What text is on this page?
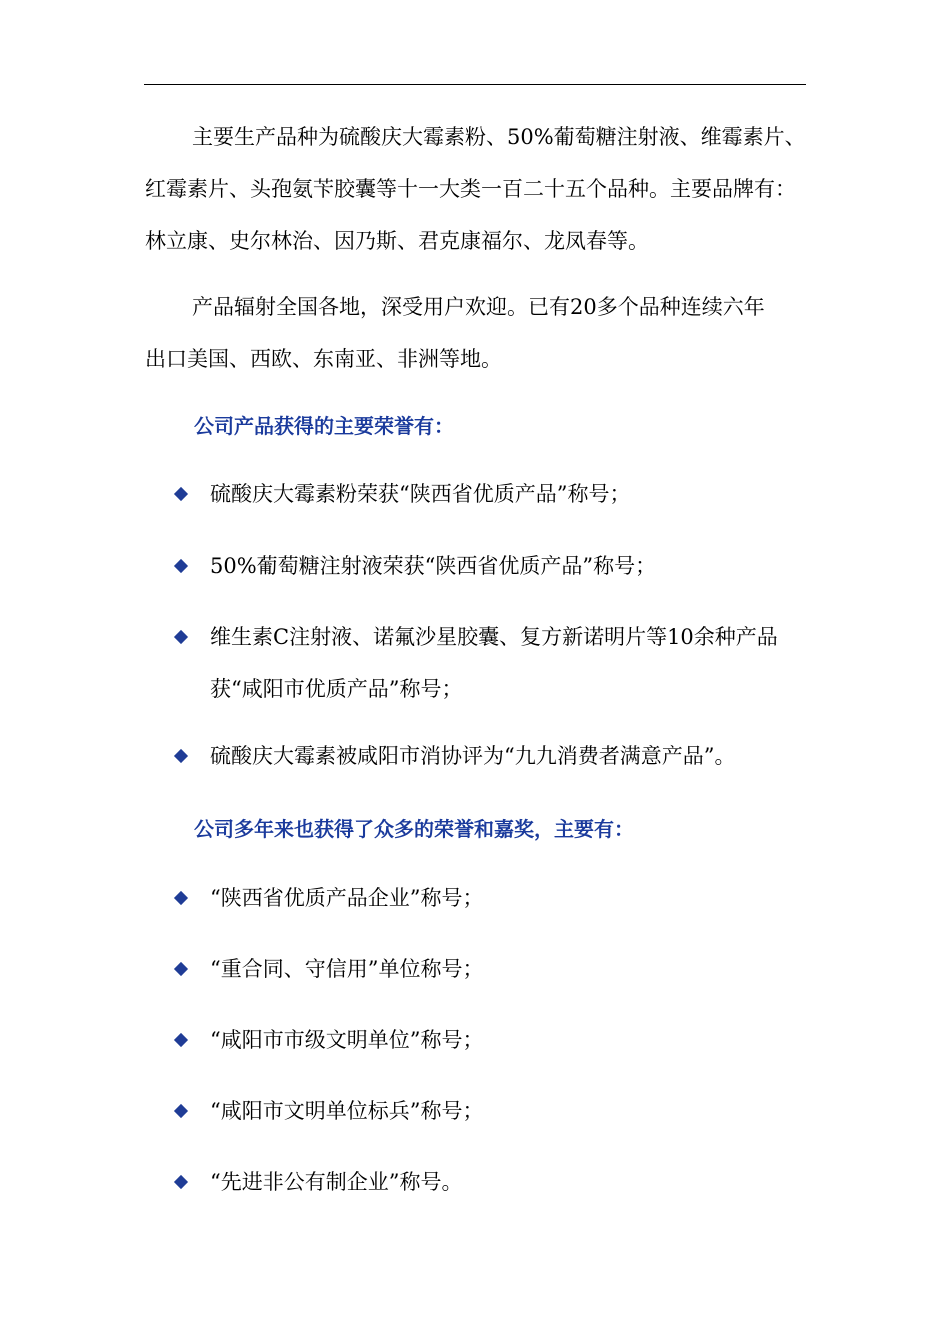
主要生产品种为硫酸庆大霉素粉、50%葡萄糖注射液、维霉素片、
红霉素片、头孢氨苄胶囊等十一大类一百二十五个品种。主要品牌有：
林立康、史尔林治、因乃斯、君克康福尔、龙凤春等。
产品辐射全国各地，深受用户欢迎。已有20多个品种连续六年
出口美国、西欧、东南亚、非洲等地。
公司产品获得的主要荣誉有：
硫酸庆大霉素粉荣获“陕西省优质产品”称号；
50%葡萄糖注射液荣获“陕西省优质产品”称号；
维生素C注射液、诺氟沙星胶囊、复方新诺明片等10余种产品
获“咸阳市优质产品”称号；
硫酸庆大霉素被咸阳市消协评为“九九消费者满意产品”。
公司多年来也获得了众多的荣誉和嘉奖，主要有：
“陕西省优质产品企业”称号；
“重合同、守信用”单位称号；
“咸阳市市级文明单位”称号；
“咸阳市文明单位标兵”称号；
“先进非公有制企业”称号。
